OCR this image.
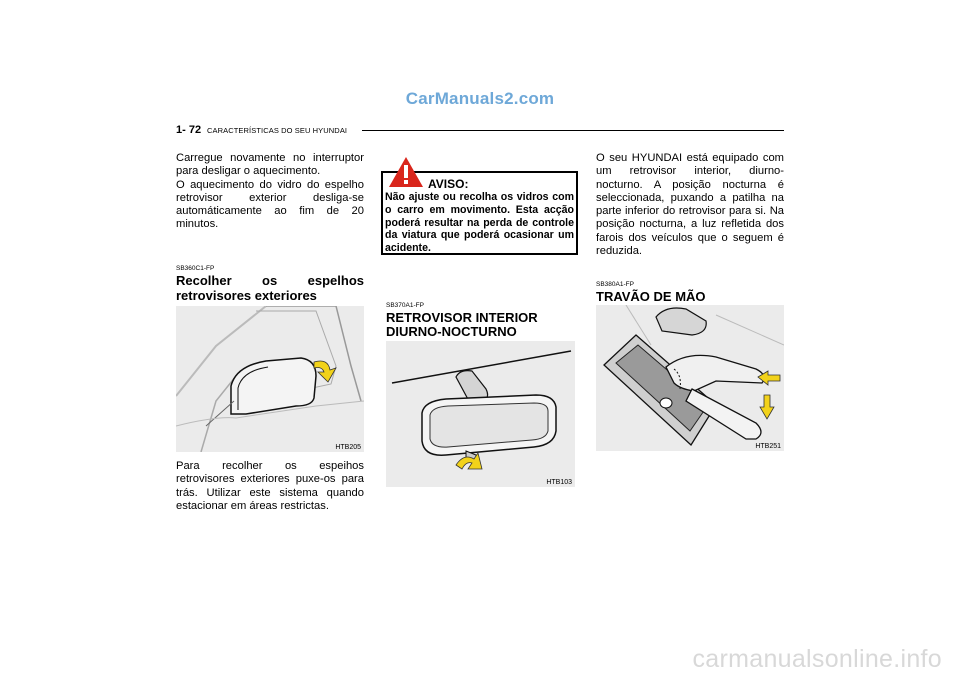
CarManuals2.com
1- 72 CARACTERÍSTICAS DO SEU HYUNDAI
Carregue novamente no interruptor para desligar o aquecimento.
O aquecimento do vidro do espelho retrovisor exterior desliga-se automáticamente ao fim de 20 minutos.
SB360C1-FP
Recolher os espelhos retrovisores exteriores
HTB205
Para recolher os espeihos retrovisores exteriores puxe-os para trás. Utilizar este sistema quando estacionar em áreas restrictas.
AVISO:
Não ajuste ou recolha os vidros com o carro em movimento. Esta acção poderá resultar na perda de controle da viatura que poderá ocasionar um acidente.
SB370A1-FP
RETROVISOR INTERIOR
DIURNO-NOCTURNO
HTB103
O seu HYUNDAI está equipado com um retrovisor interior, diurno-nocturno. A posição nocturna é seleccionada, puxando a patilha na parte inferior do retrovisor para si. Na posição nocturna, a luz refletida dos farois dos veículos que o seguem é reduzida.
SB380A1-FP
TRAVÃO DE MÃO
HTB251
carmanualsonline.info
